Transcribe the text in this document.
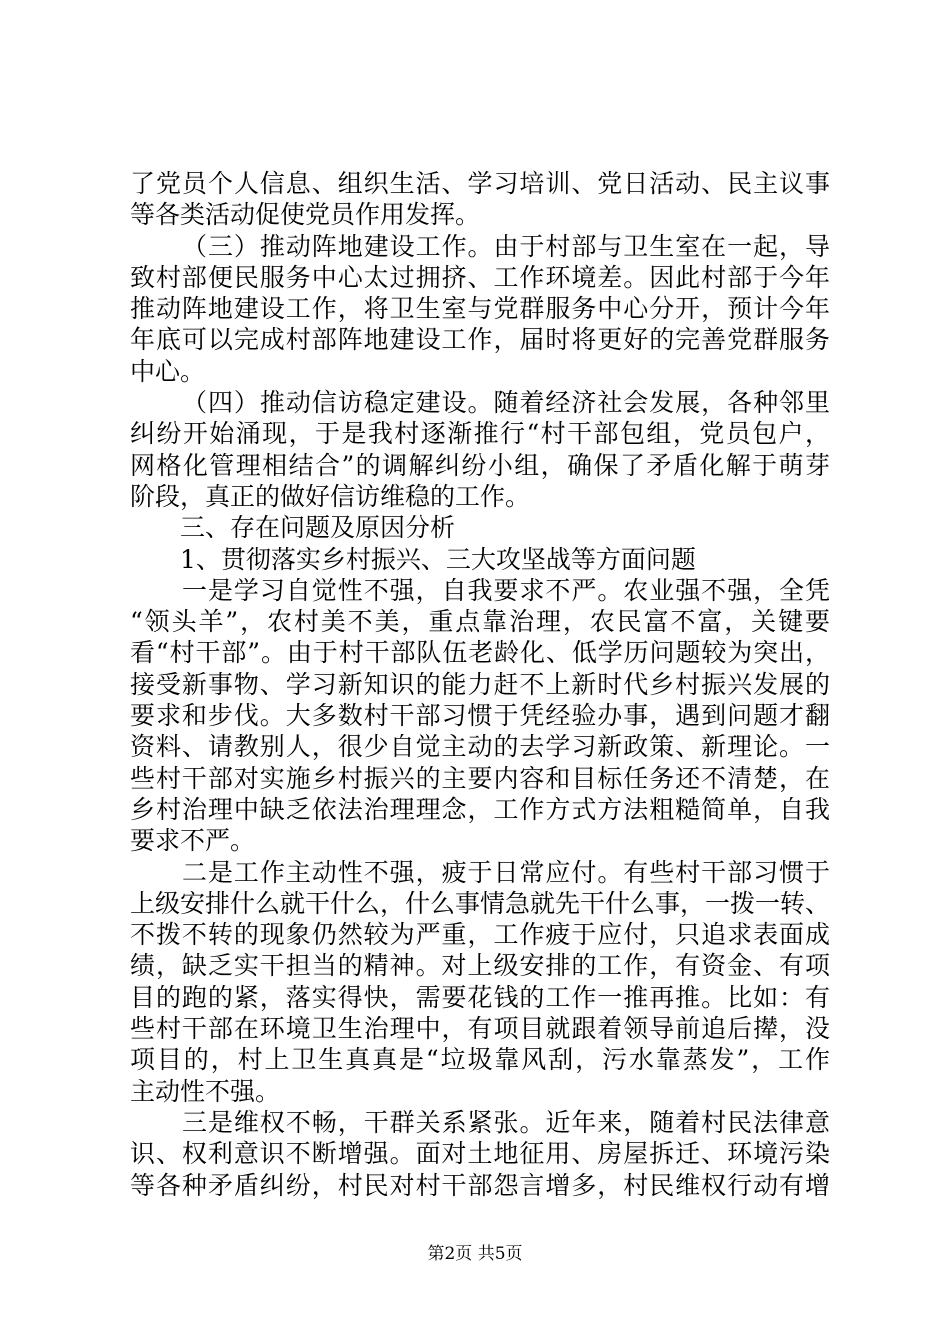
了党员个人信息、组织生活、学习培训、党日活动、民主议事
等各类活动促使党员作用发挥。
（三）推动阵地建设工作。由于村部与卫生室在一起，导
致村部便民服务中心太过拥挤、工作环境差。因此村部于今年
推动阵地建设工作，将卫生室与党群服务中心分开，预计今年
年底可以完成村部阵地建设工作，届时将更好的完善党群服务
中心。
（四）推动信访稳定建设。随着经济社会发展，各种邻里
纠纷开始涌现，于是我村逐渐推行“村干部包组，党员包户，
网格化管理相结合”的调解纠纷小组，确保了矛盾化解于萌芽
阶段，真正的做好信访维稳的工作。
三、存在问题及原因分析
1、贯彻落实乡村振兴、三大攻坚战等方面问题
一是学习自觉性不强，自我要求不严。农业强不强，全凭
“领头羊”，农村美不美，重点靠治理，农民富不富，关键要
看“村干部”。由于村干部队伍老龄化、低学历问题较为突出，
接受新事物、学习新知识的能力赶不上新时代乡村振兴发展的
要求和步伐。大多数村干部习惯于凭经验办事，遇到问题才翻
资料、请教别人，很少自觉主动的去学习新政策、新理论。一
些村干部对实施乡村振兴的主要内容和目标任务还不清楚，在
乡村治理中缺乏依法治理理念，工作方式方法粗糙简单，自我
要求不严。
二是工作主动性不强，疲于日常应付。有些村干部习惯于
上级安排什么就干什么，什么事情急就先干什么事，一拨一转、
不拨不转的现象仍然较为严重，工作疲于应付，只追求表面成
绩，缺乏实干担当的精神。对上级安排的工作，有资金、有项
目的跑的紧，落实得快，需要花钱的工作一推再推。比如：有
些村干部在环境卫生治理中，有项目就跟着领导前追后撵，没
项目的，村上卫生真真是“垃圾靠风刮，污水靠蒸发”，工作
主动性不强。
三是维权不畅，干群关系紧张。近年来，随着村民法律意
识、权利意识不断增强。面对土地征用、房屋拆迁、环境污染
等各种矛盾纠纷，村民对村干部怨言增多，村民维权行动有增
第2页 共5页
